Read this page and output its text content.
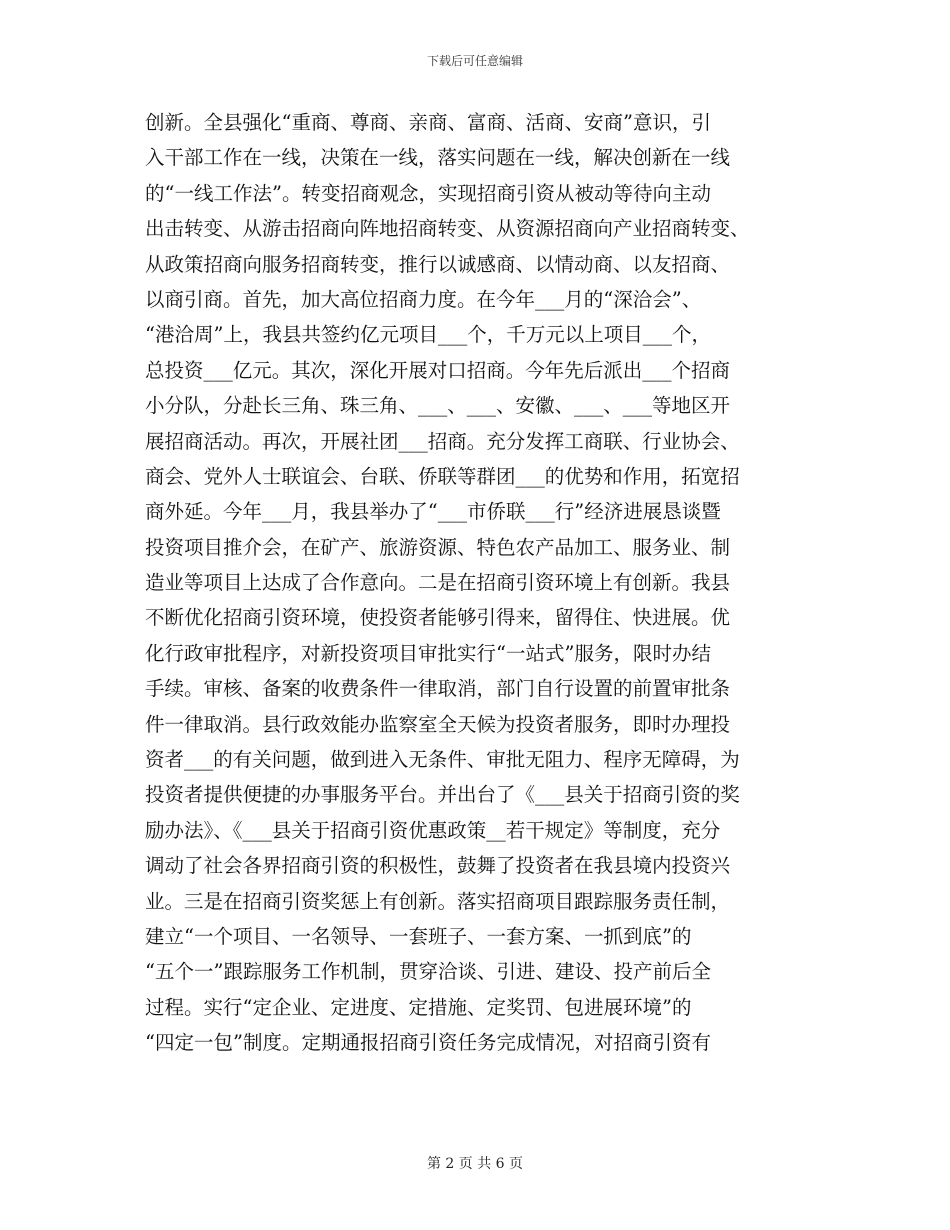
下载后可任意编辑
创新。全县强化“重商、尊商、亲商、富商、活商、安商”意识，引
入干部工作在一线，决策在一线，落实问题在一线，解决创新在一线
的“一线工作法”。转变招商观念，实现招商引资从被动等待向主动
出击转变、从游击招商向阵地招商转变、从资源招商向产业招商转变、
从政策招商向服务招商转变，推行以诚感商、以情动商、以友招商、
以商引商。首先，加大高位招商力度。在今年___月的“深洽会”、
“港洽周”上，我县共签约亿元项目___个，千万元以上项目___个，
总投资___亿元。其次，深化开展对口招商。今年先后派出___个招商
小分队，分赴长三角、珠三角、___、___、安徽、___、___等地区开
展招商活动。再次，开展社团___招商。充分发挥工商联、行业协会、
商会、党外人士联谊会、台联、侨联等群团___的优势和作用，拓宽招
商外延。今年___月，我县举办了“___市侨联___行”经济进展恳谈暨
投资项目推介会，在矿产、旅游资源、特色农产品加工、服务业、制
造业等项目上达成了合作意向。二是在招商引资环境上有创新。我县
不断优化招商引资环境，使投资者能够引得来，留得住、快进展。优
化行政审批程序，对新投资项目审批实行“一站式”服务，限时办结
手续。审核、备案的收费条件一律取消，部门自行设置的前置审批条
件一律取消。县行政效能办监察室全天候为投资者服务，即时办理投
资者___的有关问题，做到进入无条件、审批无阻力、程序无障碍，为
投资者提供便捷的办事服务平台。并出台了《___县关于招商引资的奖
励办法》、《___县关于招商引资优惠政策__若干规定》等制度，充分
调动了社会各界招商引资的积极性，鼓舞了投资者在我县境内投资兴
业。三是在招商引资奖惩上有创新。落实招商项目跟踪服务责任制，
建立“一个项目、一名领导、一套班子、一套方案、一抓到底”的
“五个一”跟踪服务工作机制，贯穿洽谈、引进、建设、投产前后全
过程。实行“定企业、定进度、定措施、定奖罚、包进展环境”的
“四定一包”制度。定期通报招商引资任务完成情况，对招商引资有
第 2 页 共 6 页
